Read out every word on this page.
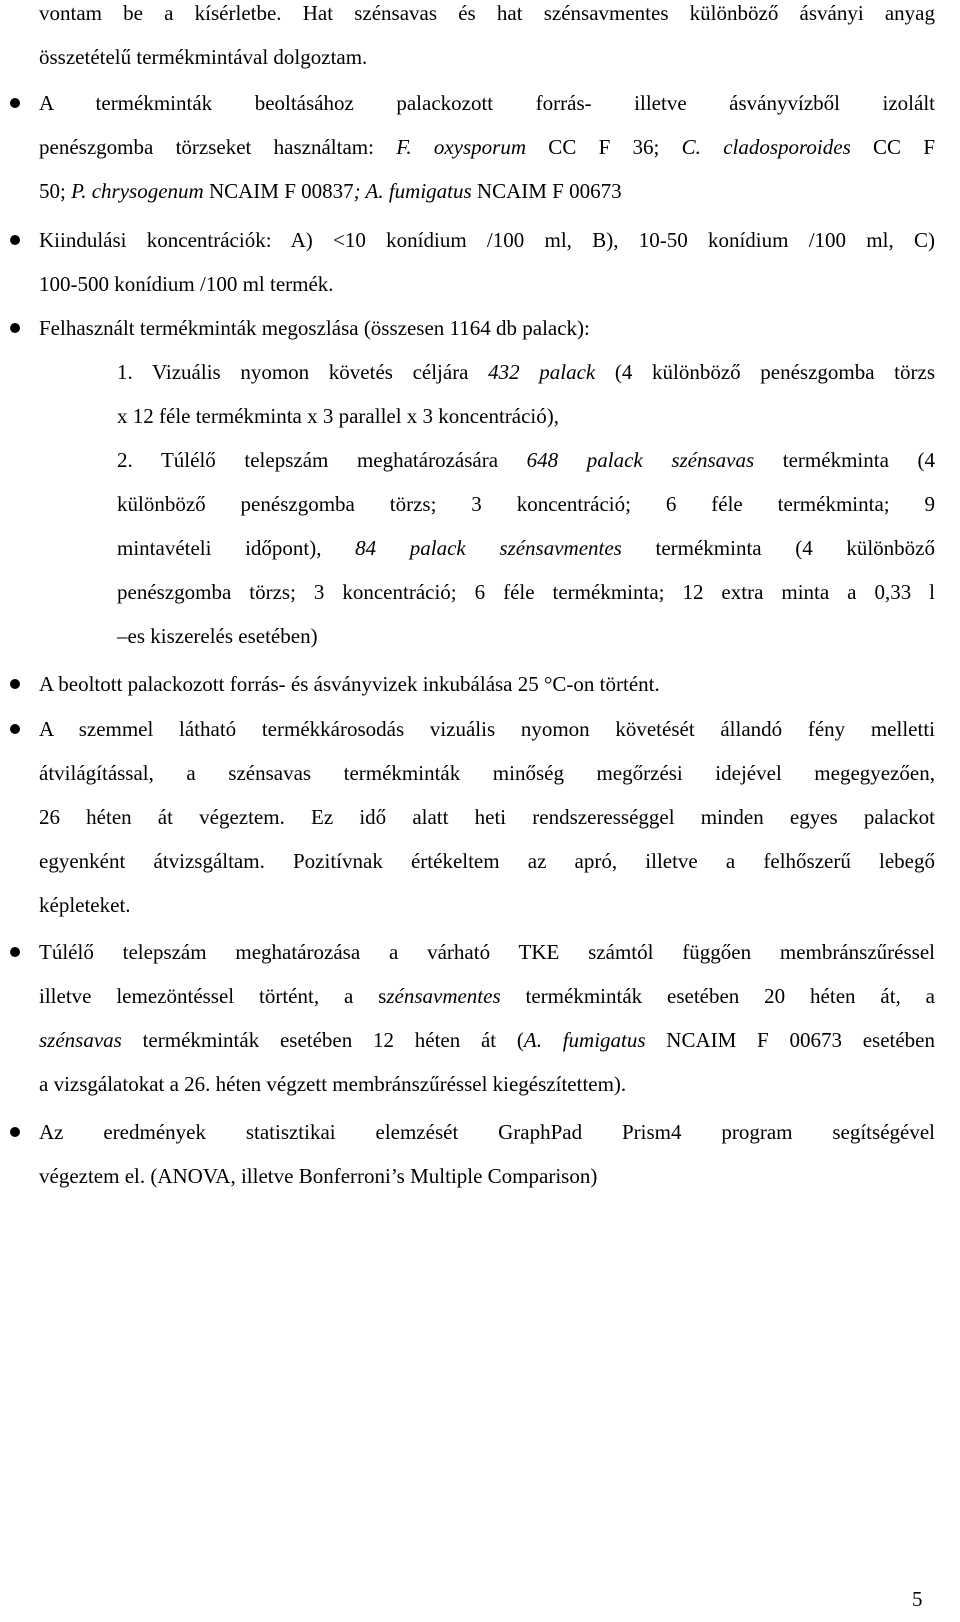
vontam be a kísérletbe. Hat szénsavas és hat szénsavmentes különböző ásványi anyag
összetételű termékmintával dolgoztam.
A termékminták beoltásához palackozott forrás- illetve ásványvízből izolált
penészgomba törzseket használtam: F. oxysporum CC F 36; C. cladosporoides CC F
50; P. chrysogenum NCAIM F 00837; A. fumigatus NCAIM F 00673
Kiindulási koncentrációk: A) <10 konídium /100 ml, B), 10-50 konídium /100 ml, C)
100-500 konídium /100 ml termék.
Felhasznált termékminták megoszlása (összesen 1164 db palack):
1. Vizuális nyomon követés céljára 432 palack (4 különböző penészgomba törzs
x 12 féle termékminta x 3 parallel x 3 koncentráció),
2. Túlélő telepszám meghatározására 648 palack szénsavas termékminta (4
különböző penészgomba törzs; 3 koncentráció; 6 féle termékminta; 9
mintavételi időpont), 84 palack szénsavmentes termékminta (4 különböző
penészgomba törzs; 3 koncentráció; 6 féle termékminta; 12 extra minta a 0,33 l
–es kiszerelés esetében)
A beoltott palackozott forrás- és ásványvizek inkubálása 25 °C-on történt.
A szemmel látható termékkárosodás vizuális nyomon követését állandó fény melletti
átvilágítással, a szénsavas termékminták minőség megőrzési idejével megegyezően,
26 héten át végeztem. Ez idő alatt heti rendszerességgel minden egyes palackot
egyenként átvizsgáltam. Pozitívnak értékeltem az apró, illetve a felhőszerű lebegő
képleteket.
Túlélő telepszám meghatározása a várható TKE számtól függően membránszűréssel
illetve lemezöntéssel történt, a szénsavmentes termékminták esetében 20 héten át, a
szénsavas termékminták esetében 12 héten át (A. fumigatus NCAIM F 00673 esetében
a vizsgálatokat a 26. héten végzett membránszűréssel kiegészítettem).
Az eredmények statisztikai elemzését GraphPad Prism4 program segítségével
végeztem el. (ANOVA, illetve Bonferroni’s Multiple Comparison)
5
